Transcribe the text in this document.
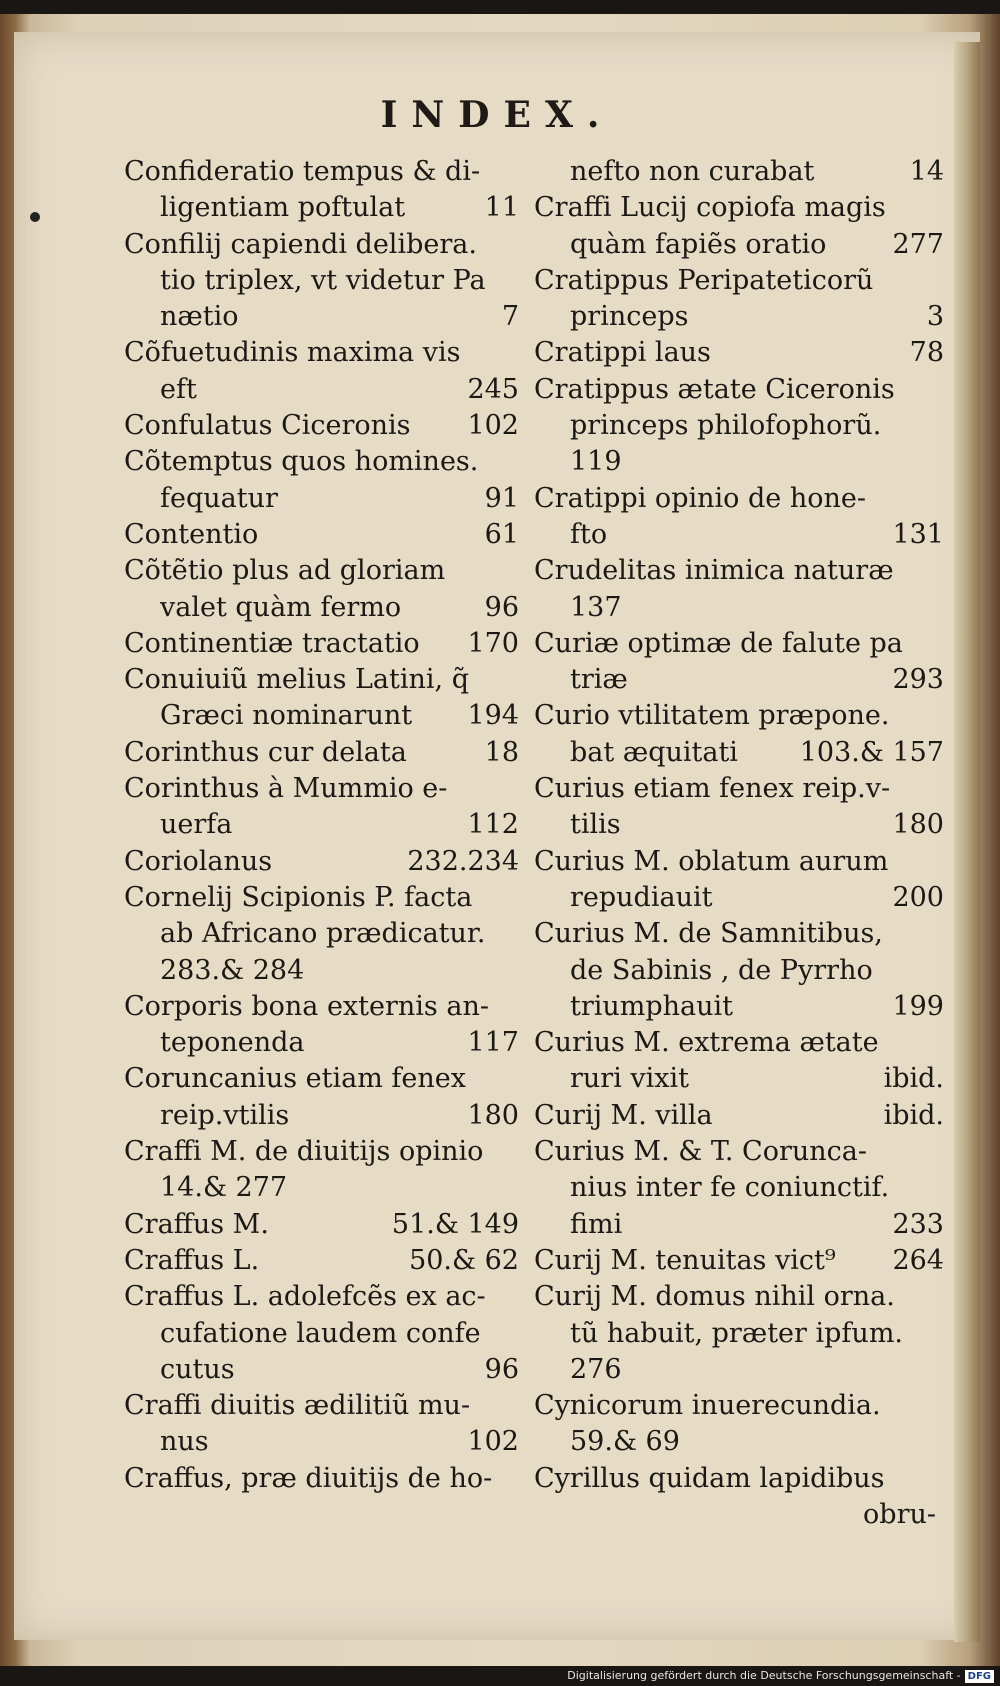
INDEX.
Confideratio tempus & di-
ligentiam poftulat	11
Confilij capiendi delibera.
tio triplex, vt videtur Pa
nætio	7
Cõfuetudinis maxima vis
eft	245
Confulatus Ciceronis 102
Cõtemptus quos homines.
fequatur	91
Contentio	61
Cõtẽtio plus ad gloriam
valet quàm fermo	96
Continentiæ tractatio 170
Conuiuiũ melius Latini, q̃
Græci nominarunt 194
Corinthus cur delata	18
Corinthus à Mummio e-
uerfa	112
Coriolanus	232.234
Cornelij Scipionis P. facta
ab Africano prædicatur.
283.& 284
Corporis bona externis an-
teponenda	117
Coruncanius etiam fenex
reip.vtilis	180
Craffi M. de diuitijs opinio
14.& 277
Craffus M.	51.& 149
Craffus L.	50.& 62
Craffus L. adolefcẽs ex ac-
cufatione laudem confe
cutus	96
Craffi diuitis ædilitiũ mu-
nus	102
Craffus, præ diuitijs de ho-
nefto non curabat	14
Craffi Lucij copiofa magis
quàm fapiẽs oratio 277
Cratippus Peripateticorũ
princeps	3
Cratippi laus	78
Cratippus ætate Ciceronis
princeps philofophorũ.
119
Cratippi opinio de hone-
fto	131
Crudelitas inimica naturæ
137
Curiæ optimæ de falute pa
triæ	293
Curio vtilitatem præpone.
bat æquitati 103.& 157
Curius etiam fenex reip.v-
tilis	180
Curius M. oblatum aurum
repudiauit	200
Curius M. de Samnitibus,
de Sabinis , de Pyrrho
triumphauit	199
Curius M. extrema ætate
ruri vixit	ibid.
Curij M. villa	ibid.
Curius M. & T. Corunca-
nius inter fe coniunctif.
fimi	233
Curij M. tenuitas vict⁹ 264
Curij M. domus nihil orna.
tũ habuit, præter ipfum.
276
Cynicorum inuerecundia.
59.& 69
Cyrillus quidam lapidibus
obru-
Digitalisierung gefördert durch die Deutsche Forschungsgemeinschaft - DFG
